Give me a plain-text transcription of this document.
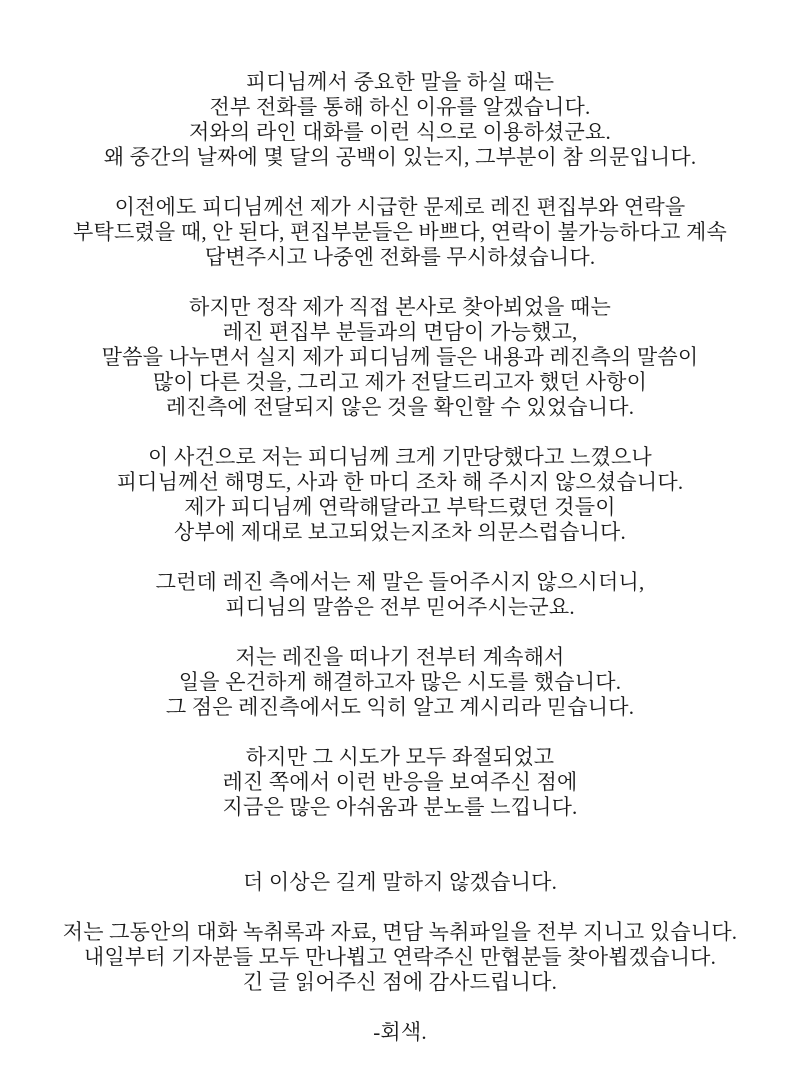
피디님께서 중요한 말을 하실 때는

전부 전화를 통해 하신 이유를 알겠습니다.

저와의 라인 대화를 이런 식으로 이용하셨군요.

왜 중간의 날짜에 몇 달의 공백이 있는지, 그부분이 참 의문입니다.

이전에도 피디님께선 제가 시급한 문제로 레진 편집부와 연락을

부탁드렸을 때, 안 된다, 편집부분들은 바쁘다, 연락이 불가능하다고 계속

답변주시고 나중엔 전화를 무시하셨습니다.

하지만 정작 제가 직접 본사로 찾아뵈었을 때는

레진 편집부 분들과의 면담이 가능했고,

말씀을 나누면서 실지 제가 피디님께 들은 내용과 레진측의 말씀이

많이 다른 것을, 그리고 제가 전달드리고자 했던 사항이

레진측에 전달되지 않은 것을 확인할 수 있었습니다.

이 사건으로 저는 피디님께 크게 기만당했다고 느꼈으나

피디님께선 해명도, 사과 한 마디 조차 해 주시지 않으셨습니다.

제가 피디님께 연락해달라고 부탁드렸던 것들이

상부에 제대로 보고되었는지조차 의문스럽습니다.

그런데 레진 측에서는 제 말은 들어주시지 않으시더니,

피디님의 말씀은 전부 믿어주시는군요.

저는 레진을 떠나기 전부터 계속해서

일을 온건하게 해결하고자 많은 시도를 했습니다.

그 점은 레진측에서도 익히 알고 계시리라 믿습니다.

하지만 그 시도가 모두 좌절되었고

레진 쪽에서 이런 반응을 보여주신 점에

지금은 많은 아쉬움과 분노를 느낍니다.

더 이상은 길게 말하지 않겠습니다.

저는 그동안의 대화 녹취록과 자료, 면담 녹취파일을 전부 지니고 있습니다.

내일부터 기자분들 모두 만나뵙고 연락주신 만협분들 찾아뵙겠습니다.

긴 글 읽어주신 점에 감사드립니다.

-회색.
